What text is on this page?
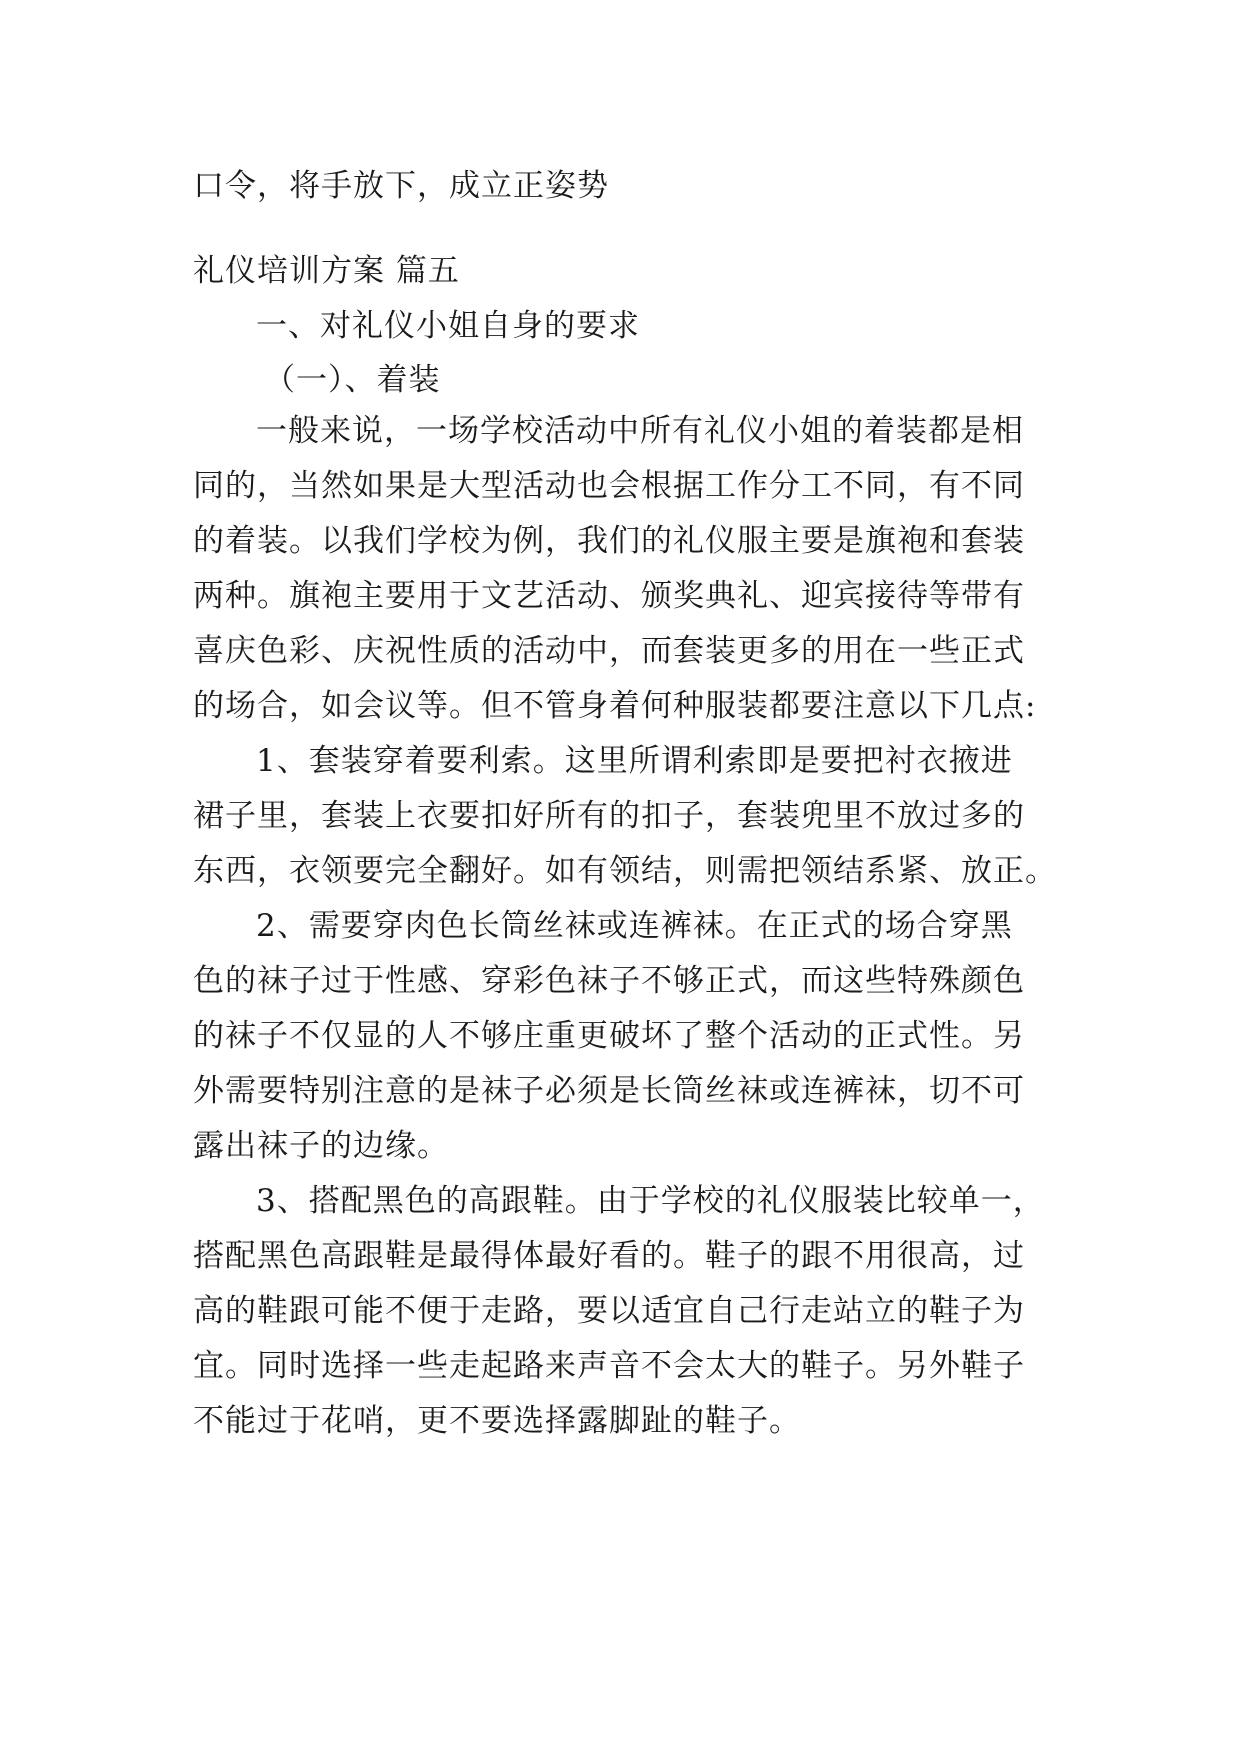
口令，将手放下，成立正姿势
礼仪培训方案 篇五
一、对礼仪小姐自身的要求
（一）、着装
一般来说，一场学校活动中所有礼仪小姐的着装都是相
同的，当然如果是大型活动也会根据工作分工不同，有不同
的着装。以我们学校为例，我们的礼仪服主要是旗袍和套装
两种。旗袍主要用于文艺活动、颁奖典礼、迎宾接待等带有
喜庆色彩、庆祝性质的活动中，而套装更多的用在一些正式
的场合，如会议等。但不管身着何种服装都要注意以下几点:
1、套装穿着要利索。这里所谓利索即是要把衬衣掖进
裙子里，套装上衣要扣好所有的扣子，套装兜里不放过多的
东西，衣领要完全翻好。如有领结，则需把领结系紧、放正。
2、需要穿肉色长筒丝袜或连裤袜。在正式的场合穿黑
色的袜子过于性感、穿彩色袜子不够正式，而这些特殊颜色
的袜子不仅显的人不够庄重更破坏了整个活动的正式性。另
外需要特别注意的是袜子必须是长筒丝袜或连裤袜，切不可
露出袜子的边缘。
3、搭配黑色的高跟鞋。由于学校的礼仪服装比较单一，
搭配黑色高跟鞋是最得体最好看的。鞋子的跟不用很高，过
高的鞋跟可能不便于走路，要以适宜自己行走站立的鞋子为
宜。同时选择一些走起路来声音不会太大的鞋子。另外鞋子
不能过于花哨，更不要选择露脚趾的鞋子。
